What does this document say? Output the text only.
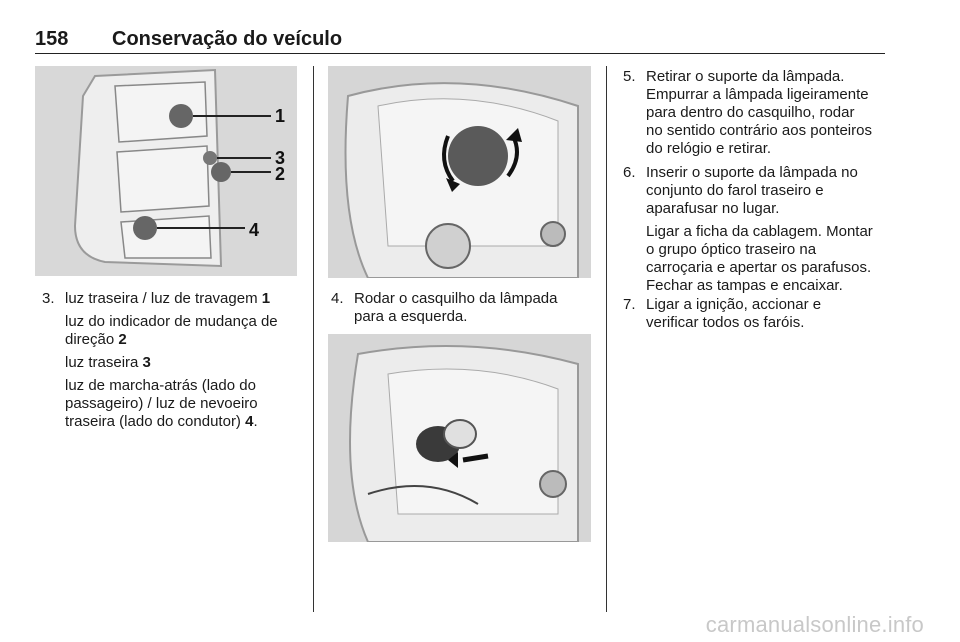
158 Conservação do veículo
1
3
2
4
3. luz traseira / luz de travagem 1
luz do indicador de mudança de
direção 2
luz traseira 3
luz de marcha-atrás (lado do
passageiro) / luz de nevoeiro
traseira (lado do condutor) 4.
4. Rodar o casquilho da lâmpada
para a esquerda.
5. Retirar o suporte da lâmpada.
Empurrar a lâmpada ligeiramente
para dentro do casquilho, rodar
no sentido contrário aos ponteiros
do relógio e retirar.
6. Inserir o suporte da lâmpada no
conjunto do farol traseiro e
aparafusar no lugar.
Ligar a ficha da cablagem. Montar
o grupo óptico traseiro na
carroçaria e apertar os parafusos.
Fechar as tampas e encaixar.
7. Ligar a ignição, accionar e
verificar todos os faróis.
carmanualsonline.info
